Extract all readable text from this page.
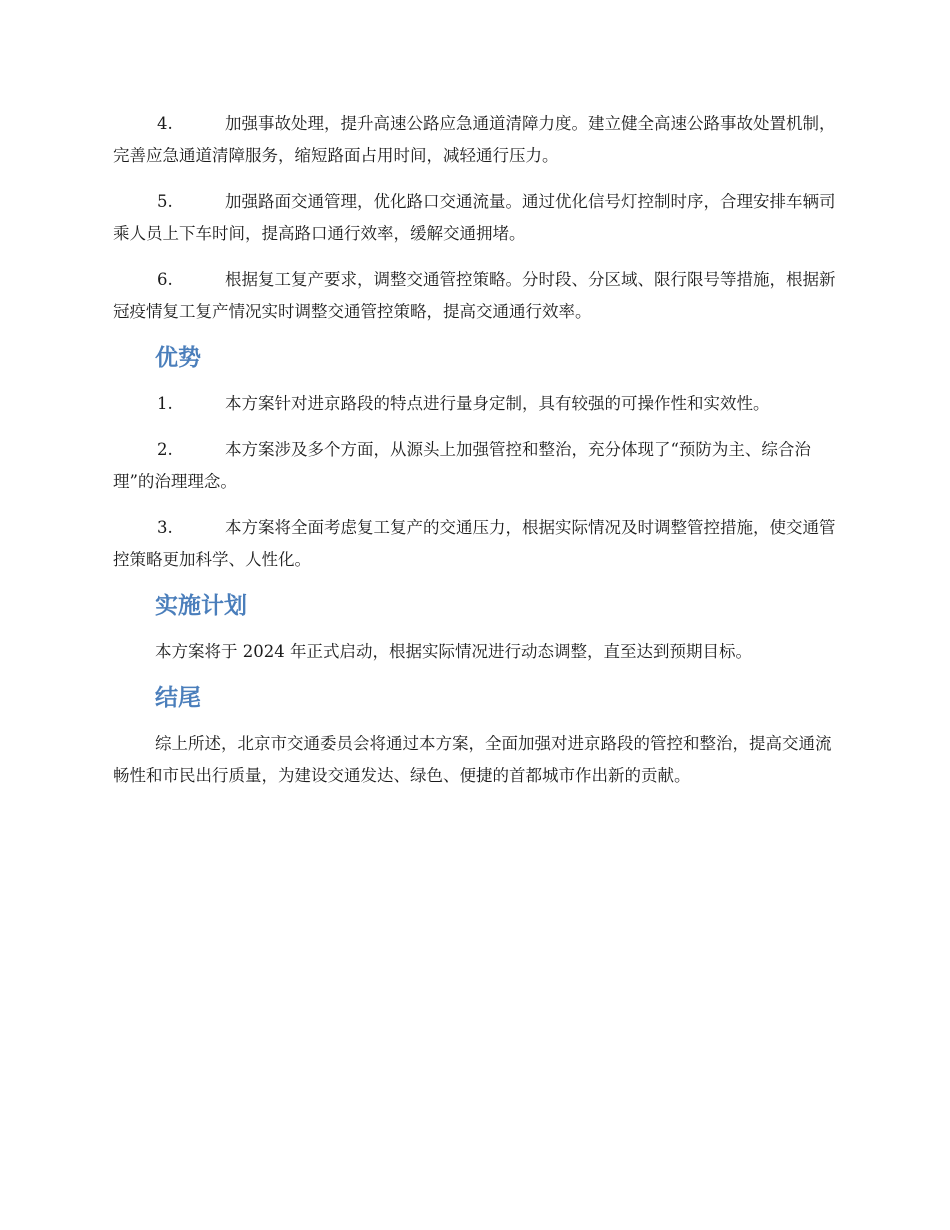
4.	加强事故处理，提升高速公路应急通道清障力度。建立健全高速公路事故处置机制，完善应急通道清障服务，缩短路面占用时间，减轻通行压力。

5.	加强路面交通管理，优化路口交通流量。通过优化信号灯控制时序，合理安排车辆司乘人员上下车时间，提高路口通行效率，缓解交通拥堵。

6.	根据复工复产要求，调整交通管控策略。分时段、分区域、限行限号等措施，根据新冠疫情复工复产情况实时调整交通管控策略，提高交通通行效率。

优势

1.	本方案针对进京路段的特点进行量身定制，具有较强的可操作性和实效性。

2.	本方案涉及多个方面，从源头上加强管控和整治，充分体现了“预防为主、综合治理”的治理理念。

3.	本方案将全面考虑复工复产的交通压力，根据实际情况及时调整管控措施，使交通管控策略更加科学、人性化。

实施计划

本方案将于 2024 年正式启动，根据实际情况进行动态调整，直至达到预期目标。

结尾

综上所述，北京市交通委员会将通过本方案，全面加强对进京路段的管控和整治，提高交通流畅性和市民出行质量，为建设交通发达、绿色、便捷的首都城市作出新的贡献。
